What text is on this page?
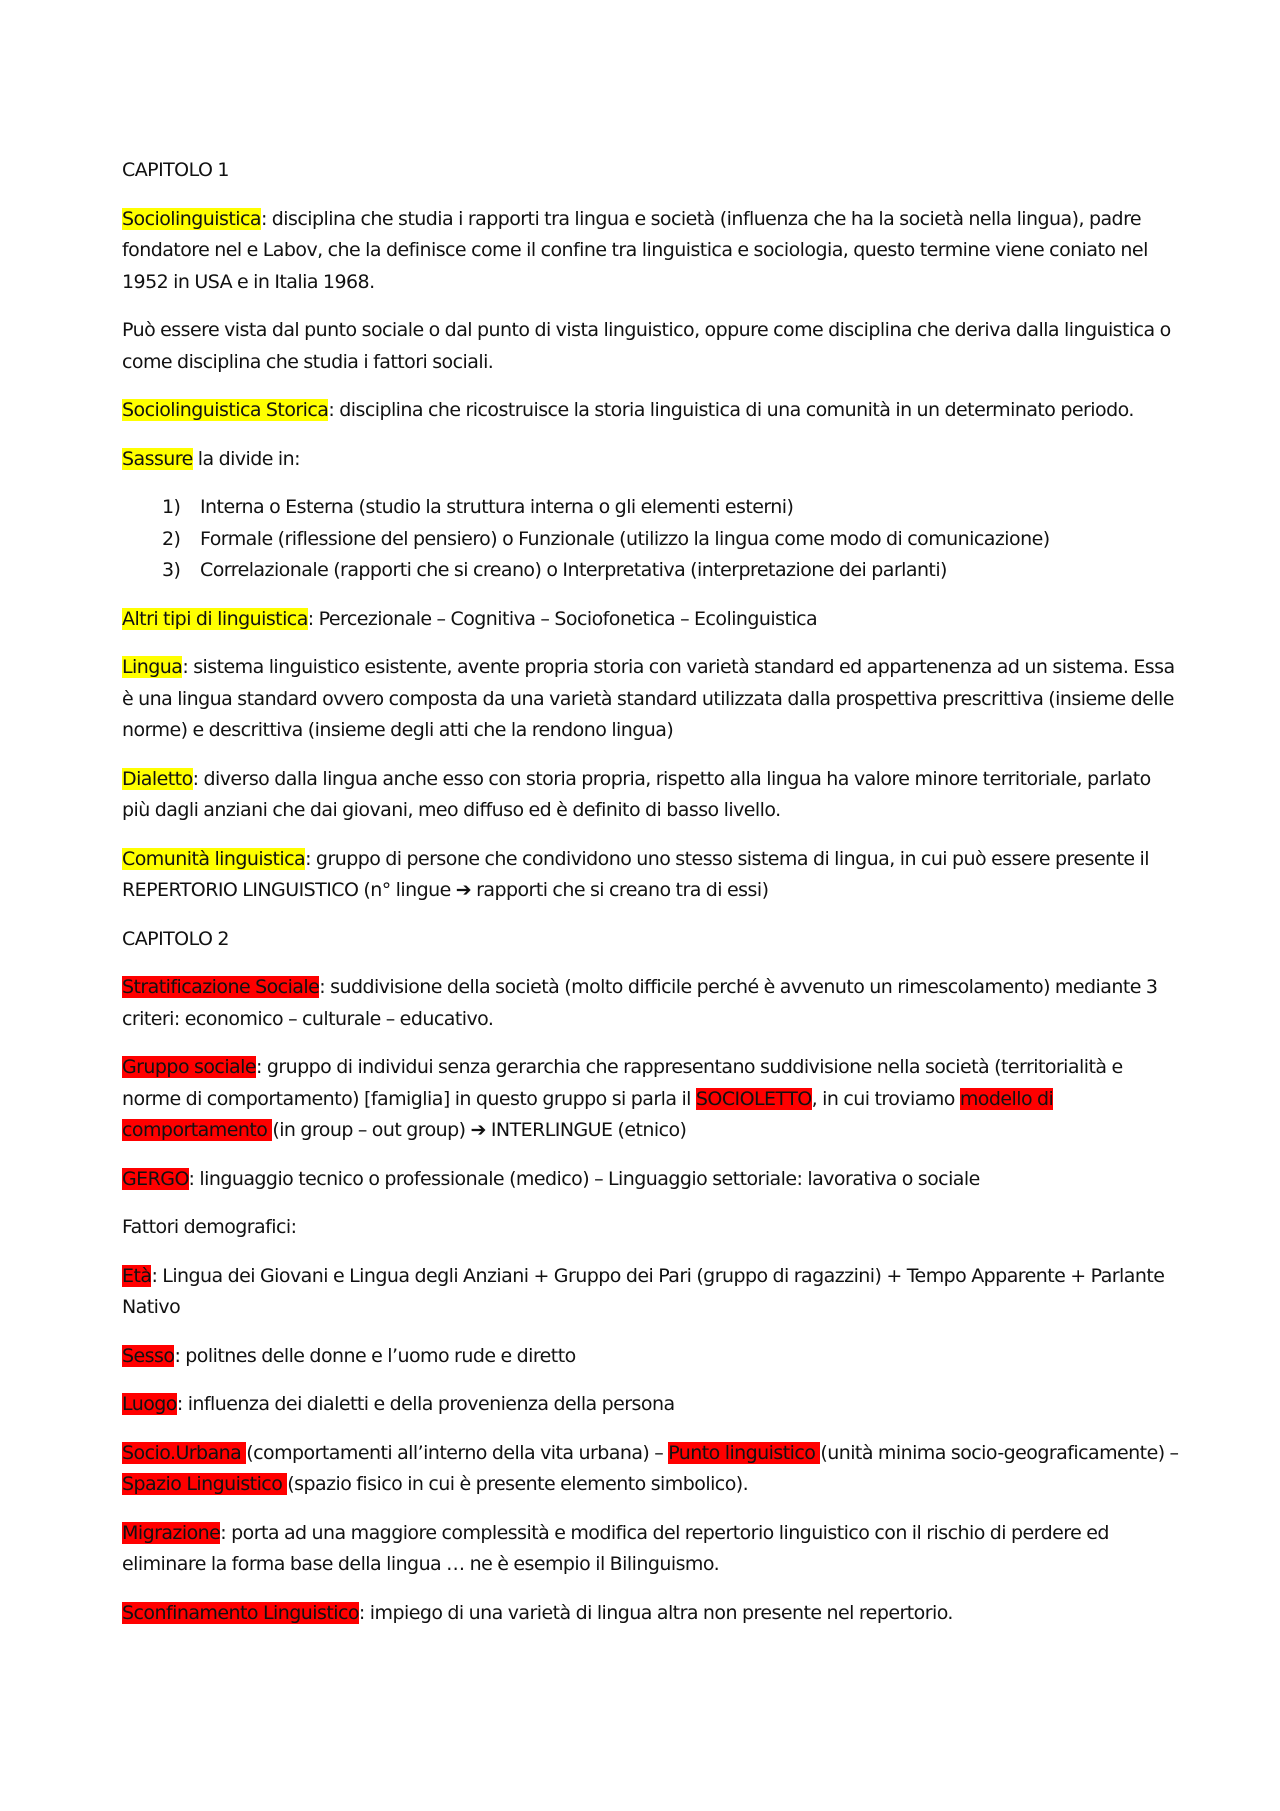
CAPITOLO 1

Sociolinguistica: disciplina che studia i rapporti tra lingua e società (influenza che ha la società nella lingua), padre fondatore nel e Labov, che la definisce come il confine tra linguistica e sociologia, questo termine viene coniato nel 1952 in USA e in Italia 1968.

Può essere vista dal punto sociale o dal punto di vista linguistico, oppure come disciplina che deriva dalla linguistica o come disciplina che studia i fattori sociali.

Sociolinguistica Storica: disciplina che ricostruisce la storia linguistica di una comunità in un determinato periodo.

Sassure la divide in:

1)	Interna o Esterna (studio la struttura interna o gli elementi esterni)
2)	Formale (riflessione del pensiero) o Funzionale (utilizzo la lingua come modo di comunicazione)
3)	Correlazionale (rapporti che si creano) o Interpretativa (interpretazione dei parlanti)

Altri tipi di linguistica: Percezionale – Cognitiva – Sociofonetica – Ecolinguistica

Lingua: sistema linguistico esistente, avente propria storia con varietà standard ed appartenenza ad un sistema. Essa è una lingua standard ovvero composta da una varietà standard utilizzata dalla prospettiva prescrittiva (insieme delle norme) e descrittiva (insieme degli atti che la rendono lingua)

Dialetto: diverso dalla lingua anche esso con storia propria, rispetto alla lingua ha valore minore territoriale, parlato più dagli anziani che dai giovani, meo diffuso ed è definito di basso livello.

Comunità linguistica: gruppo di persone che condividono uno stesso sistema di lingua, in cui può essere presente il REPERTORIO LINGUISTICO (n° lingue ➔ rapporti che si creano tra di essi)

CAPITOLO 2

Stratificazione Sociale: suddivisione della società (molto difficile perché è avvenuto un rimescolamento) mediante 3 criteri: economico – culturale – educativo.

Gruppo sociale: gruppo di individui senza gerarchia che rappresentano suddivisione nella società (territorialità e norme di comportamento) [famiglia] in questo gruppo si parla il SOCIOLETTO, in cui troviamo modello di comportamento (in group – out group) ➔ INTERLINGUE (etnico)

GERGO: linguaggio tecnico o professionale (medico) – Linguaggio settoriale: lavorativa o sociale

Fattori demografici:

Età: Lingua dei Giovani e Lingua degli Anziani + Gruppo dei Pari (gruppo di ragazzini) + Tempo Apparente + Parlante Nativo

Sesso: politnes delle donne e l’uomo rude e diretto

Luogo: influenza dei dialetti e della provenienza della persona

Socio.Urbana (comportamenti all’interno della vita urbana) – Punto linguistico (unità minima socio-geograficamente) – Spazio Linguistico (spazio fisico in cui è presente elemento simbolico).

Migrazione: porta ad una maggiore complessità e modifica del repertorio linguistico con il rischio di perdere ed eliminare la forma base della lingua … ne è esempio il Bilinguismo.

Sconfinamento Linguistico: impiego di una varietà di lingua altra non presente nel repertorio.
